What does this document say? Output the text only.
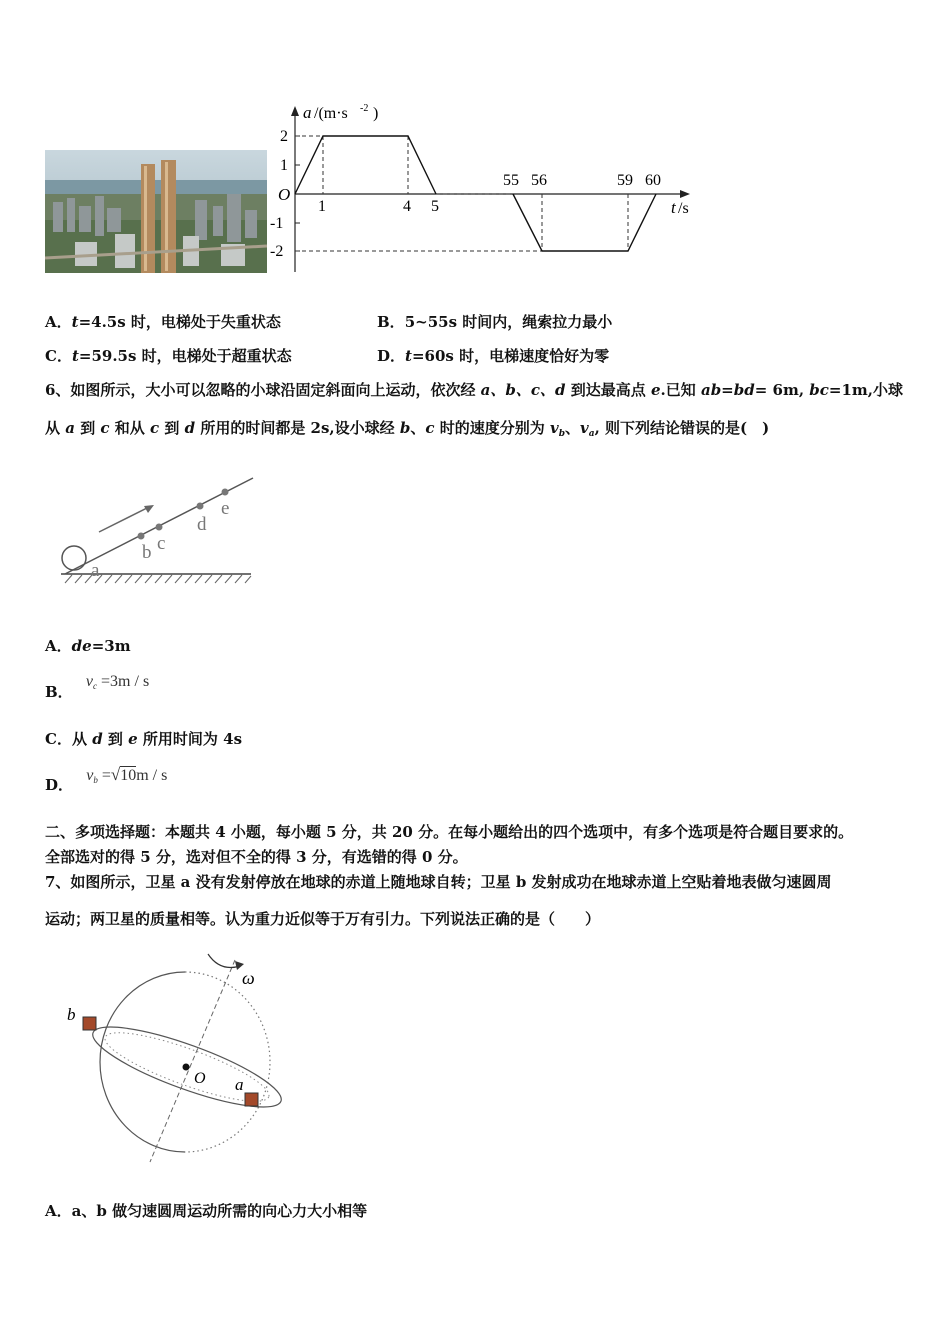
a /(m·s -2 )
t /s
O
2
1
-1
-2
1	4 5
55 56	59 60
A．t=4.5s 时，电梯处于失重状态	B．5~55s 时间内，绳索拉力最小
C．t=59.5s 时，电梯处于超重状态	D．t=60s 时，电梯速度恰好为零
6、如图所示，大小可以忽略的小球沿固定斜面向上运动，依次经 a、b、c、d 到达最高点 e.已知 ab=bd= 6m, bc=1m,小球
从 a 到 c 和从 c 到 d 所用的时间都是 2s,设小球经 b、c 时的速度分别为 $v_b$、$v_a$, 则下列结论错误的是(　)
a
b c
d
e
A．de=3m
B． $v_c =3m / s$
C．从 d 到 e 所用时间为 4s
D． $v_b =√10m / s$
二、多项选择题：本题共 4 小题，每小题 5 分，共 20 分。在每小题给出的四个选项中，有多个选项是符合题目要求的。
全部选对的得 5 分，选对但不全的得 3 分，有选错的得 0 分。
7、如图所示，卫星 a 没有发射停放在地球的赤道上随地球自转；卫星 b 发射成功在地球赤道上空贴着地表做匀速圆周
运动；两卫星的质量相等。认为重力近似等于万有引力。下列说法正确的是（　　）
ω
O
b
a
A．a、b 做匀速圆周运动所需的向心力大小相等
